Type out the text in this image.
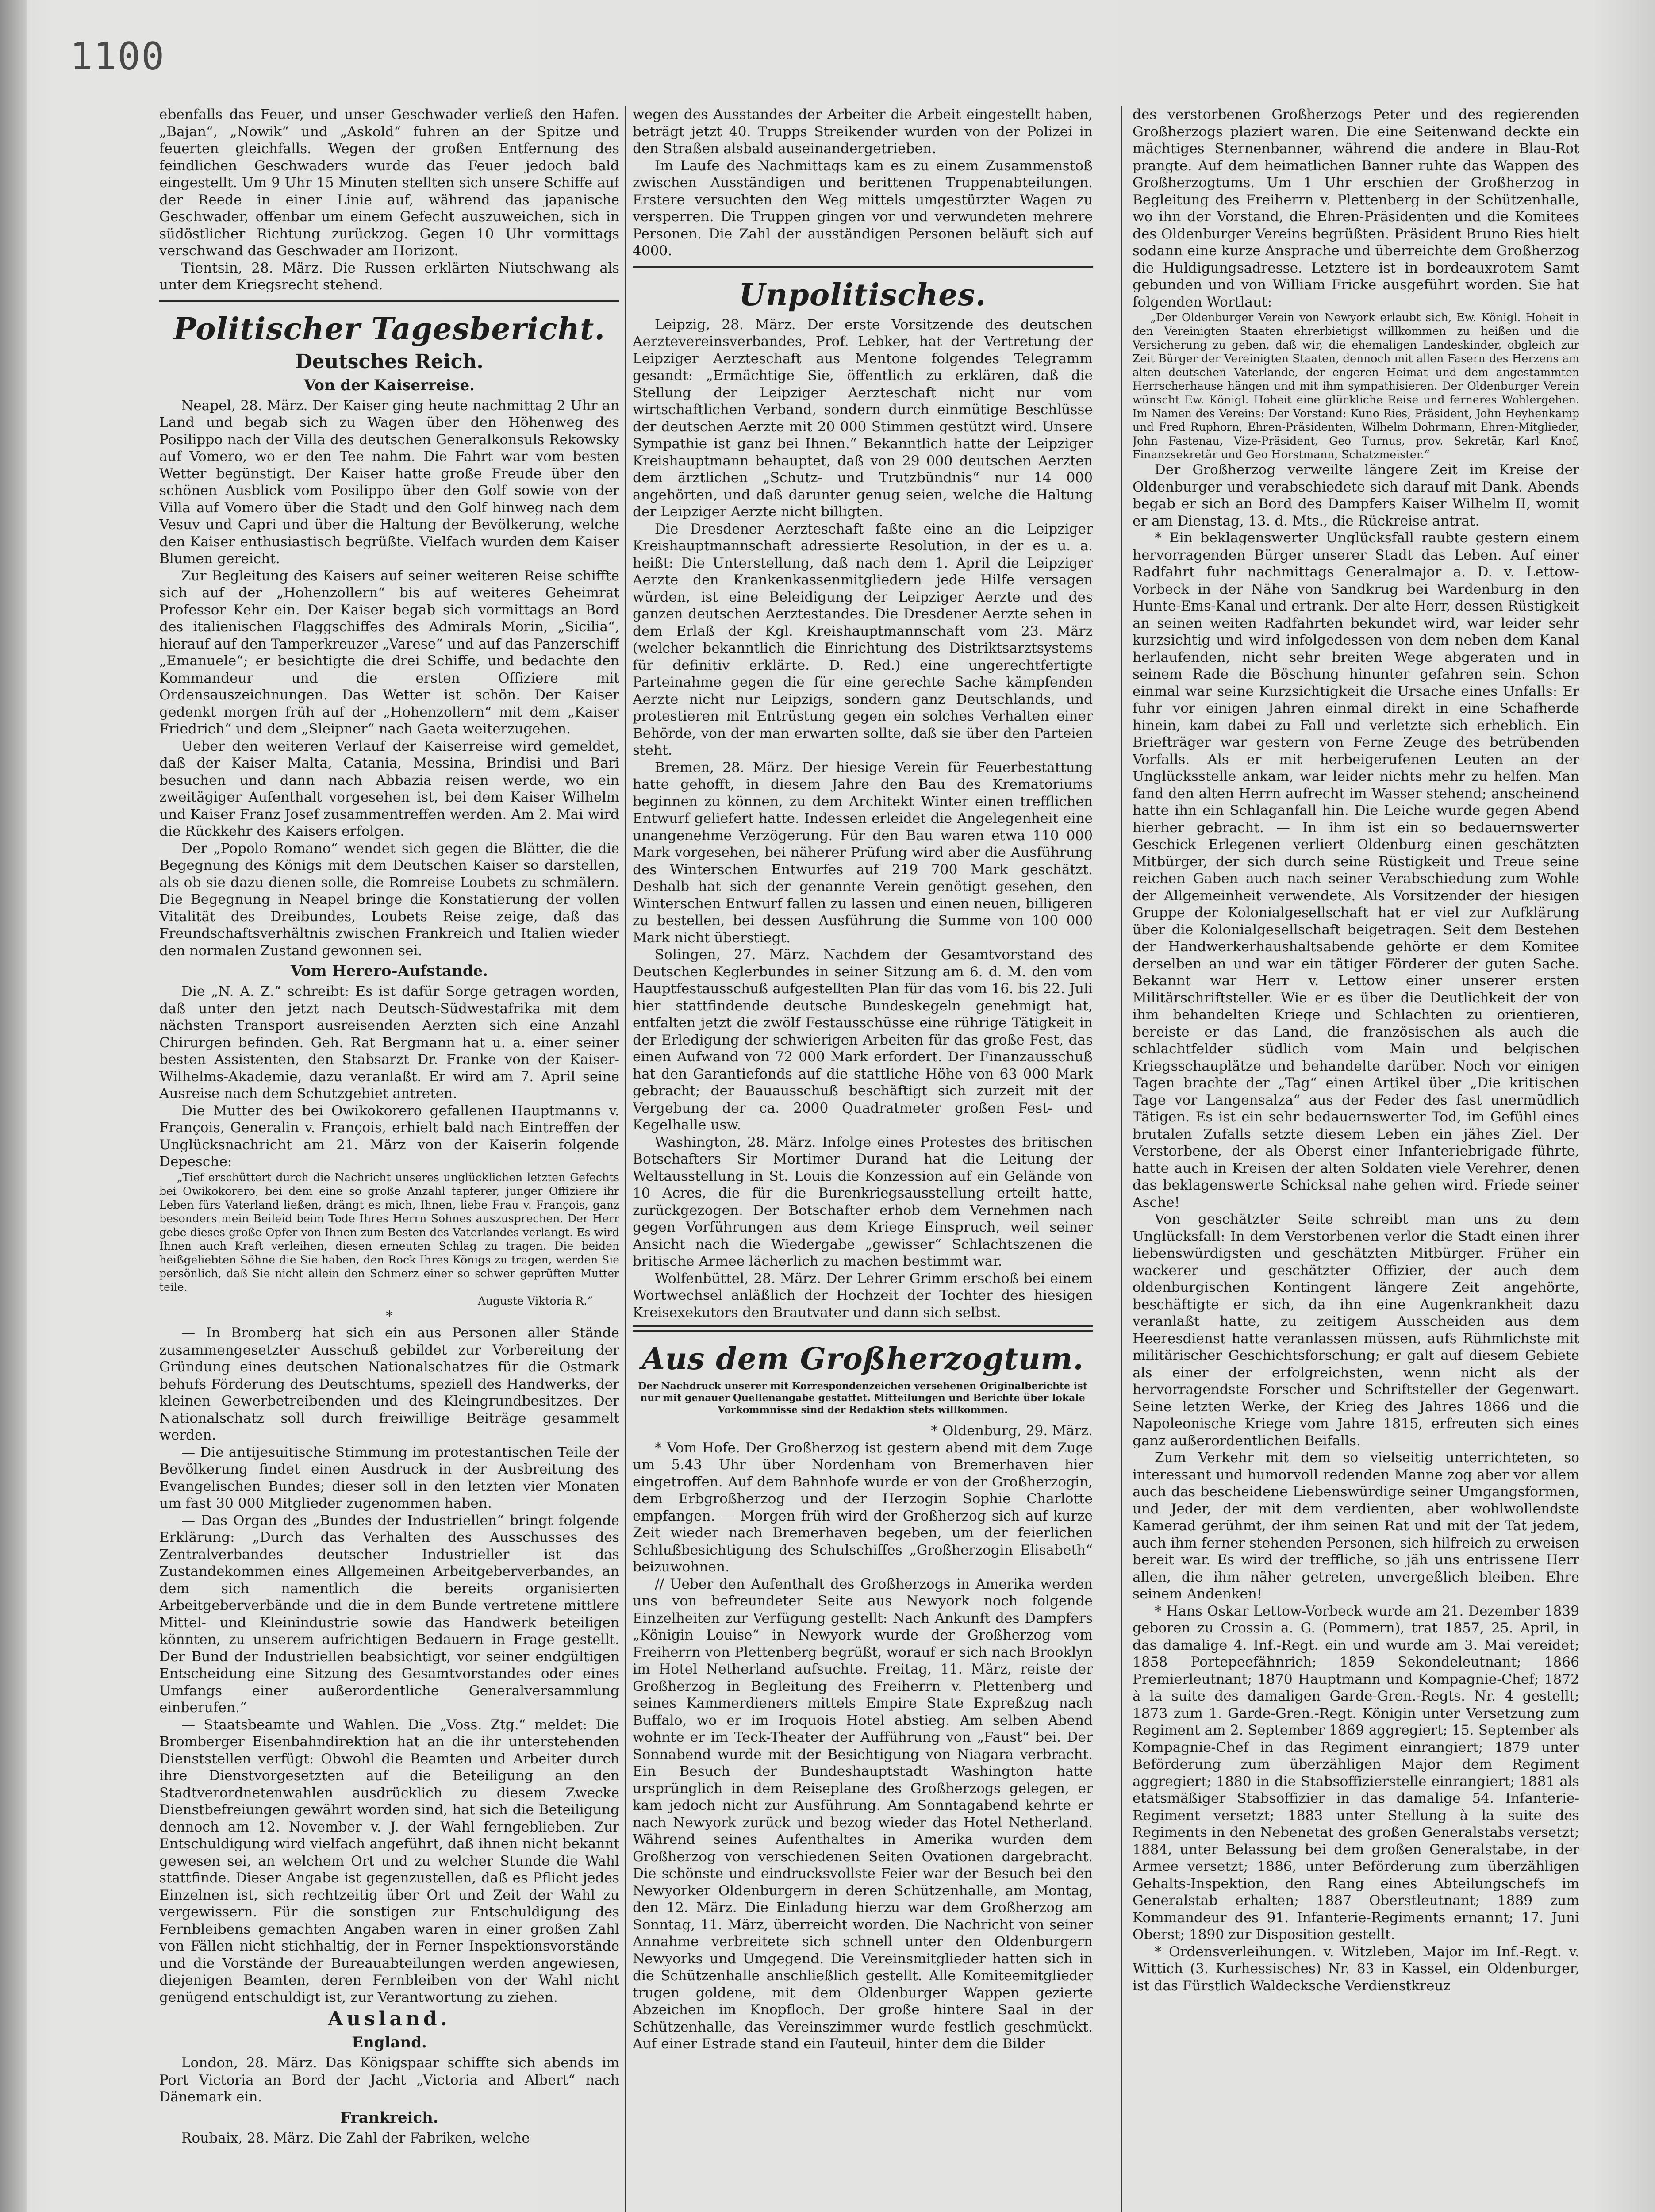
1100

ebenfalls das Feuer, und unser Geschwader verließ den Hafen. „Bajan“, „Nowik“ und „Askold“ fuhren an der Spitze und feuerten gleichfalls. Wegen der großen Entfernung des feindlichen Geschwaders wurde das Feuer jedoch bald eingestellt. Um 9 Uhr 15 Minuten stellten sich unsere Schiffe auf der Reede in einer Linie auf, während das japanische Geschwader, offenbar um einem Gefecht auszuweichen, sich in südöstlicher Richtung zurückzog. Gegen 10 Uhr vormittags verschwand das Geschwader am Horizont.

Tientsin, 28. März. Die Russen erklärten Niutschwang als unter dem Kriegsrecht stehend.

Politischer Tagesbericht.
Deutsches Reich.
Von der Kaiserreise.

Neapel, 28. März. Der Kaiser ging heute nachmittag 2 Uhr an Land und begab sich zu Wagen über den Höhenweg des Posilippo nach der Villa des deutschen Generalkonsuls Rekowsky auf Vomero, wo er den Tee nahm. Die Fahrt war vom besten Wetter begünstigt. Der Kaiser hatte große Freude über den schönen Ausblick vom Posilippo über den Golf sowie von der Villa auf Vomero über die Stadt und den Golf hinweg nach dem Vesuv und Capri und über die Haltung der Bevölkerung, welche den Kaiser enthusiastisch begrüßte. Vielfach wurden dem Kaiser Blumen gereicht.

Zur Begleitung des Kaisers auf seiner weiteren Reise schiffte sich auf der „Hohenzollern“ bis auf weiteres Geheimrat Professor Kehr ein. Der Kaiser begab sich vormittags an Bord des italienischen Flaggschiffes des Admirals Morin, „Sicilia“, hierauf auf den Tamperkreuzer „Varese“ und auf das Panzerschiff „Emanuele“; er besichtigte die drei Schiffe, und bedachte den Kommandeur und die ersten Offiziere mit Ordensauszeichnungen. Das Wetter ist schön. Der Kaiser gedenkt morgen früh auf der „Hohenzollern“ mit dem „Kaiser Friedrich“ und dem „Sleipner“ nach Gaeta weiterzugehen.

Ueber den weiteren Verlauf der Kaiserreise wird gemeldet, daß der Kaiser Malta, Catania, Messina, Brindisi und Bari besuchen und dann nach Abbazia reisen werde, wo ein zweitägiger Aufenthalt vorgesehen ist, bei dem Kaiser Wilhelm und Kaiser Franz Josef zusammentreffen werden. Am 2. Mai wird die Rückkehr des Kaisers erfolgen.

Der „Popolo Romano“ wendet sich gegen die Blätter, die die Begegnung des Königs mit dem Deutschen Kaiser so darstellen, als ob sie dazu dienen solle, die Romreise Loubets zu schmälern. Die Begegnung in Neapel bringe die Konstatierung der vollen Vitalität des Dreibundes, Loubets Reise zeige, daß das Freundschaftsverhältnis zwischen Frankreich und Italien wieder den normalen Zustand gewonnen sei.

Vom Herero-Aufstande.

Die „N. A. Z.“ schreibt: Es ist dafür Sorge getragen worden, daß unter den jetzt nach Deutsch-Südwestafrika mit dem nächsten Transport ausreisenden Aerzten sich eine Anzahl Chirurgen befinden. Geh. Rat Bergmann hat u. a. einer seiner besten Assistenten, den Stabsarzt Dr. Franke von der Kaiser-Wilhelms-Akademie, dazu veranlaßt. Er wird am 7. April seine Ausreise nach dem Schutzgebiet antreten.

Die Mutter des bei Owikokorero gefallenen Hauptmanns v. François, Generalin v. François, erhielt bald nach Eintreffen der Unglücksnachricht am 21. März von der Kaiserin folgende Depesche:

„Tief erschüttert durch die Nachricht unseres unglücklichen letzten Gefechts bei Owikokorero, bei dem eine so große Anzahl tapferer, junger Offiziere ihr Leben fürs Vaterland ließen, drängt es mich, Ihnen, liebe Frau v. François, ganz besonders mein Beileid beim Tode Ihres Herrn Sohnes auszusprechen. Der Herr gebe dieses große Opfer von Ihnen zum Besten des Vaterlandes verlangt. Es wird Ihnen auch Kraft verleihen, diesen erneuten Schlag zu tragen. Die beiden heißgeliebten Söhne die Sie haben, den Rock Ihres Königs zu tragen, werden Sie persönlich, daß Sie nicht allein den Schmerz einer so schwer geprüften Mutter teile.

Auguste Viktoria R.“
*

— In Bromberg hat sich ein aus Personen aller Stände zusammengesetzter Ausschuß gebildet zur Vorbereitung der Gründung eines deutschen Nationalschatzes für die Ostmark behufs Förderung des Deutschtums, speziell des Handwerks, der kleinen Gewerbetreibenden und des Kleingrundbesitzes. Der Nationalschatz soll durch freiwillige Beiträge gesammelt werden.

— Die antijesuitische Stimmung im protestantischen Teile der Bevölkerung findet einen Ausdruck in der Ausbreitung des Evangelischen Bundes; dieser soll in den letzten vier Monaten um fast 30 000 Mitglieder zugenommen haben.

— Das Organ des „Bundes der Industriellen“ bringt folgende Erklärung: „Durch das Verhalten des Ausschusses des Zentralverbandes deutscher Industrieller ist das Zustandekommen eines Allgemeinen Arbeitgeberverbandes, an dem sich namentlich die bereits organisierten Arbeitgeberverbände und die in dem Bunde vertretene mittlere Mittel- und Kleinindustrie sowie das Handwerk beteiligen könnten, zu unserem aufrichtigen Bedauern in Frage gestellt. Der Bund der Industriellen beabsichtigt, vor seiner endgültigen Entscheidung eine Sitzung des Gesamtvorstandes oder eines Umfangs einer außerordentliche Generalversammlung einberufen.“

— Staatsbeamte und Wahlen. Die „Voss. Ztg.“ meldet: Die Bromberger Eisenbahndirektion hat an die ihr unterstehenden Dienststellen verfügt: Obwohl die Beamten und Arbeiter durch ihre Dienstvorgesetzten auf die Beteiligung an den Stadtverordnetenwahlen ausdrücklich zu diesem Zwecke Dienstbefreiungen gewährt worden sind, hat sich die Beteiligung dennoch am 12. November v. J. der Wahl ferngeblieben. Zur Entschuldigung wird vielfach angeführt, daß ihnen nicht bekannt gewesen sei, an welchem Ort und zu welcher Stunde die Wahl stattfinde. Dieser Angabe ist gegenzustellen, daß es Pflicht jedes Einzelnen ist, sich rechtzeitig über Ort und Zeit der Wahl zu vergewissern. Für die sonstigen zur Entschuldigung des Fernbleibens gemachten Angaben waren in einer großen Zahl von Fällen nicht stichhaltig, der in Ferner Inspektionsvorstände und die Vorstände der Bureauabteilungen werden angewiesen, diejenigen Beamten, deren Fernbleiben von der Wahl nicht genügend entschuldigt ist, zur Verantwortung zu ziehen.

Ausland.
England.

London, 28. März. Das Königspaar schiffte sich abends im Port Victoria an Bord der Jacht „Victoria and Albert“ nach Dänemark ein.

Frankreich.

Roubaix, 28. März. Die Zahl der Fabriken, welche

wegen des Ausstandes der Arbeiter die Arbeit eingestellt haben, beträgt jetzt 40. Trupps Streikender wurden von der Polizei in den Straßen alsbald auseinandergetrieben.

Im Laufe des Nachmittags kam es zu einem Zusammenstoß zwischen Ausständigen und berittenen Truppenabteilungen. Erstere versuchten den Weg mittels umgestürzter Wagen zu versperren. Die Truppen gingen vor und verwundeten mehrere Personen. Die Zahl der ausständigen Personen beläuft sich auf 4000.

Unpolitisches.

Leipzig, 28. März. Der erste Vorsitzende des deutschen Aerztevereinsverbandes, Prof. Lebker, hat der Vertretung der Leipziger Aerzteschaft aus Mentone folgendes Telegramm gesandt: „Ermächtige Sie, öffentlich zu erklären, daß die Stellung der Leipziger Aerzteschaft nicht nur vom wirtschaftlichen Verband, sondern durch einmütige Beschlüsse der deutschen Aerzte mit 20 000 Stimmen gestützt wird. Unsere Sympathie ist ganz bei Ihnen.“ Bekanntlich hatte der Leipziger Kreishauptmann behauptet, daß von 29 000 deutschen Aerzten dem ärztlichen „Schutz- und Trutzbündnis“ nur 14 000 angehörten, und daß darunter genug seien, welche die Haltung der Leipziger Aerzte nicht billigten.

Die Dresdener Aerzteschaft faßte eine an die Leipziger Kreishauptmannschaft adressierte Resolution, in der es u. a. heißt: Die Unterstellung, daß nach dem 1. April die Leipziger Aerzte den Krankenkassenmitgliedern jede Hilfe versagen würden, ist eine Beleidigung der Leipziger Aerzte und des ganzen deutschen Aerztestandes. Die Dresdener Aerzte sehen in dem Erlaß der Kgl. Kreishauptmannschaft vom 23. März (welcher bekanntlich die Einrichtung des Distriktsarztsystems für definitiv erklärte. D. Red.) eine ungerechtfertigte Parteinahme gegen die für eine gerechte Sache kämpfenden Aerzte nicht nur Leipzigs, sondern ganz Deutschlands, und protestieren mit Entrüstung gegen ein solches Verhalten einer Behörde, von der man erwarten sollte, daß sie über den Parteien steht.

Bremen, 28. März. Der hiesige Verein für Feuerbestattung hatte gehofft, in diesem Jahre den Bau des Krematoriums beginnen zu können, zu dem Architekt Winter einen trefflichen Entwurf geliefert hatte. Indessen erleidet die Angelegenheit eine unangenehme Verzögerung. Für den Bau waren etwa 110 000 Mark vorgesehen, bei näherer Prüfung wird aber die Ausführung des Winterschen Entwurfes auf 219 700 Mark geschätzt. Deshalb hat sich der genannte Verein genötigt gesehen, den Winterschen Entwurf fallen zu lassen und einen neuen, billigeren zu bestellen, bei dessen Ausführung die Summe von 100 000 Mark nicht überstiegt.

Solingen, 27. März. Nachdem der Gesamtvorstand des Deutschen Keglerbundes in seiner Sitzung am 6. d. M. den vom Hauptfestausschuß aufgestellten Plan für das vom 16. bis 22. Juli hier stattfindende deutsche Bundeskegeln genehmigt hat, entfalten jetzt die zwölf Festausschüsse eine rührige Tätigkeit in der Erledigung der schwierigen Arbeiten für das große Fest, das einen Aufwand von 72 000 Mark erfordert. Der Finanzausschuß hat den Garantiefonds auf die stattliche Höhe von 63 000 Mark gebracht; der Bauausschuß beschäftigt sich zurzeit mit der Vergebung der ca. 2000 Quadratmeter großen Fest- und Kegelhalle usw.

Washington, 28. März. Infolge eines Protestes des britischen Botschafters Sir Mortimer Durand hat die Leitung der Weltausstellung in St. Louis die Konzession auf ein Gelände von 10 Acres, die für die Burenkriegsausstellung erteilt hatte, zurückgezogen. Der Botschafter erhob dem Vernehmen nach gegen Vorführungen aus dem Kriege Einspruch, weil seiner Ansicht nach die Wiedergabe „gewisser“ Schlachtszenen die britische Armee lächerlich zu machen bestimmt war.

Wolfenbüttel, 28. März. Der Lehrer Grimm erschoß bei einem Wortwechsel anläßlich der Hochzeit der Tochter des hiesigen Kreisexekutors den Brautvater und dann sich selbst.

Aus dem Großherzogtum.
Der Nachdruck unserer mit Korrespondenzeichen versehenen Originalberichte ist nur mit genauer Quellenangabe gestattet. Mitteilungen und Berichte über lokale Vorkommnisse sind der Redaktion stets willkommen.
* Oldenburg, 29. März.

* Vom Hofe. Der Großherzog ist gestern abend mit dem Zuge um 5.43 Uhr über Nordenham von Bremerhaven hier eingetroffen. Auf dem Bahnhofe wurde er von der Großherzogin, dem Erbgroßherzog und der Herzogin Sophie Charlotte empfangen. — Morgen früh wird der Großherzog sich auf kurze Zeit wieder nach Bremerhaven begeben, um der feierlichen Schlußbesichtigung des Schulschiffes „Großherzogin Elisabeth“ beizuwohnen.

// Ueber den Aufenthalt des Großherzogs in Amerika werden uns von befreundeter Seite aus Newyork noch folgende Einzelheiten zur Verfügung gestellt: Nach Ankunft des Dampfers „Königin Louise“ in Newyork wurde der Großherzog vom Freiherrn von Plettenberg begrüßt, worauf er sich nach Brooklyn im Hotel Netherland aufsuchte. Freitag, 11. März, reiste der Großherzog in Begleitung des Freiherrn v. Plettenberg und seines Kammerdieners mittels Empire State Expreßzug nach Buffalo, wo er im Iroquois Hotel abstieg. Am selben Abend wohnte er im Teck-Theater der Aufführung von „Faust“ bei. Der Sonnabend wurde mit der Besichtigung von Niagara verbracht. Ein Besuch der Bundeshauptstadt Washington hatte ursprünglich in dem Reiseplane des Großherzogs gelegen, er kam jedoch nicht zur Ausführung. Am Sonntagabend kehrte er nach Newyork zurück und bezog wieder das Hotel Netherland. Während seines Aufenthaltes in Amerika wurden dem Großherzog von verschiedenen Seiten Ovationen dargebracht. Die schönste und eindrucksvollste Feier war der Besuch bei den Newyorker Oldenburgern in deren Schützenhalle, am Montag, den 12. März. Die Einladung hierzu war dem Großherzog am Sonntag, 11. März, überreicht worden. Die Nachricht von seiner Annahme verbreitete sich schnell unter den Oldenburgern Newyorks und Umgegend. Die Vereinsmitglieder hatten sich in die Schützenhalle anschließlich gestellt. Alle Komiteemitglieder trugen goldene, mit dem Oldenburger Wappen gezierte Abzeichen im Knopfloch. Der große hintere Saal in der Schützenhalle, das Vereinszimmer wurde festlich geschmückt. Auf einer Estrade stand ein Fauteuil, hinter dem die Bilder

des verstorbenen Großherzogs Peter und des regierenden Großherzogs plaziert waren. Die eine Seitenwand deckte ein mächtiges Sternenbanner, während die andere in Blau-Rot prangte. Auf dem heimatlichen Banner ruhte das Wappen des Großherzogtums. Um 1 Uhr erschien der Großherzog in Begleitung des Freiherrn v. Plettenberg in der Schützenhalle, wo ihn der Vorstand, die Ehren-Präsidenten und die Komitees des Oldenburger Vereins begrüßten. Präsident Bruno Ries hielt sodann eine kurze Ansprache und überreichte dem Großherzog die Huldigungsadresse. Letztere ist in bordeauxrotem Samt gebunden und von William Fricke ausgeführt worden. Sie hat folgenden Wortlaut:

„Der Oldenburger Verein von Newyork erlaubt sich, Ew. Königl. Hoheit in den Vereinigten Staaten ehrerbietigst willkommen zu heißen und die Versicherung zu geben, daß wir, die ehemaligen Landeskinder, obgleich zur Zeit Bürger der Vereinigten Staaten, dennoch mit allen Fasern des Herzens am alten deutschen Vaterlande, der engeren Heimat und dem angestammten Herrscherhause hängen und mit ihm sympathisieren. Der Oldenburger Verein wünscht Ew. Königl. Hoheit eine glückliche Reise und ferneres Wohlergehen. Im Namen des Vereins: Der Vorstand: Kuno Ries, Präsident, John Heyhenkamp und Fred Ruphorn, Ehren-Präsidenten, Wilhelm Dohrmann, Ehren-Mitglieder, John Fastenau, Vize-Präsident, Geo Turnus, prov. Sekretär, Karl Knof, Finanzsekretär und Geo Horstmann, Schatzmeister.“

Der Großherzog verweilte längere Zeit im Kreise der Oldenburger und verabschiedete sich darauf mit Dank. Abends begab er sich an Bord des Dampfers Kaiser Wilhelm II, womit er am Dienstag, 13. d. Mts., die Rückreise antrat.

* Ein beklagenswerter Unglücksfall raubte gestern einem hervorragenden Bürger unserer Stadt das Leben. Auf einer Radfahrt fuhr nachmittags Generalmajor a. D. v. Lettow-Vorbeck in der Nähe von Sandkrug bei Wardenburg in den Hunte-Ems-Kanal und ertrank. Der alte Herr, dessen Rüstigkeit an seinen weiten Radfahrten bekundet wird, war leider sehr kurzsichtig und wird infolgedessen von dem neben dem Kanal herlaufenden, nicht sehr breiten Wege abgeraten und in seinem Rade die Böschung hinunter gefahren sein. Schon einmal war seine Kurzsichtigkeit die Ursache eines Unfalls: Er fuhr vor einigen Jahren einmal direkt in eine Schafherde hinein, kam dabei zu Fall und verletzte sich erheblich. Ein Briefträger war gestern von Ferne Zeuge des betrübenden Vorfalls. Als er mit herbeigerufenen Leuten an der Unglücksstelle ankam, war leider nichts mehr zu helfen. Man fand den alten Herrn aufrecht im Wasser stehend; anscheinend hatte ihn ein Schlaganfall hin. Die Leiche wurde gegen Abend hierher gebracht. — In ihm ist ein so bedauernswerter Geschick Erlegenen verliert Oldenburg einen geschätzten Mitbürger, der sich durch seine Rüstigkeit und Treue seine reichen Gaben auch nach seiner Verabschiedung zum Wohle der Allgemeinheit verwendete. Als Vorsitzender der hiesigen Gruppe der Kolonialgesellschaft hat er viel zur Aufklärung über die Kolonialgesellschaft beigetragen. Seit dem Bestehen der Handwerkerhaushaltsabende gehörte er dem Komitee derselben an und war ein tätiger Förderer der guten Sache. Bekannt war Herr v. Lettow einer unserer ersten Militärschriftsteller. Wie er es über die Deutlichkeit der von ihm behandelten Kriege und Schlachten zu orientieren, bereiste er das Land, die französischen als auch die schlachtfelder südlich vom Main und belgischen Kriegsschauplätze und behandelte darüber. Noch vor einigen Tagen brachte der „Tag“ einen Artikel über „Die kritischen Tage vor Langensalza“ aus der Feder des fast unermüdlich Tätigen. Es ist ein sehr bedauernswerter Tod, im Gefühl eines brutalen Zufalls setzte diesem Leben ein jähes Ziel. Der Verstorbene, der als Oberst einer Infanteriebrigade führte, hatte auch in Kreisen der alten Soldaten viele Verehrer, denen das beklagenswerte Schicksal nahe gehen wird. Friede seiner Asche!

Von geschätzter Seite schreibt man uns zu dem Unglücksfall: In dem Verstorbenen verlor die Stadt einen ihrer liebenswürdigsten und geschätzten Mitbürger. Früher ein wackerer und geschätzter Offizier, der auch dem oldenburgischen Kontingent längere Zeit angehörte, beschäftigte er sich, da ihn eine Augenkrankheit dazu veranlaßt hatte, zu zeitigem Ausscheiden aus dem Heeresdienst hatte veranlassen müssen, aufs Rühmlichste mit militärischer Geschichtsforschung; er galt auf diesem Gebiete als einer der erfolgreichsten, wenn nicht als der hervorragendste Forscher und Schriftsteller der Gegenwart. Seine letzten Werke, der Krieg des Jahres 1866 und die Napoleonische Kriege vom Jahre 1815, erfreuten sich eines ganz außerordentlichen Beifalls.

Zum Verkehr mit dem so vielseitig unterrichteten, so interessant und humorvoll redenden Manne zog aber vor allem auch das bescheidene Liebenswürdige seiner Umgangsformen, und Jeder, der mit dem verdienten, aber wohlwollendste Kamerad gerühmt, der ihm seinen Rat und mit der Tat jedem, auch ihm ferner stehenden Personen, sich hilfreich zu erweisen bereit war. Es wird der treffliche, so jäh uns entrissene Herr allen, die ihm näher getreten, unvergeßlich bleiben. Ehre seinem Andenken!

* Hans Oskar Lettow-Vorbeck wurde am 21. Dezember 1839 geboren zu Crossin a. G. (Pommern), trat 1857, 25. April, in das damalige 4. Inf.-Regt. ein und wurde am 3. Mai vereidet; 1858 Portepeefähnrich; 1859 Sekondeleutnant; 1866 Premierleutnant; 1870 Hauptmann und Kompagnie-Chef; 1872 à la suite des damaligen Garde-Gren.-Regts. Nr. 4 gestellt; 1873 zum 1. Garde-Gren.-Regt. Königin unter Versetzung zum Regiment am 2. September 1869 aggregiert; 15. September als Kompagnie-Chef in das Regiment einrangiert; 1879 unter Beförderung zum überzähligen Major dem Regiment aggregiert; 1880 in die Stabsoffizierstelle einrangiert; 1881 als etatsmäßiger Stabsoffizier in das damalige 54. Infanterie-Regiment versetzt; 1883 unter Stellung à la suite des Regiments in den Nebenetat des großen Generalstabs versetzt; 1884, unter Belassung bei dem großen Generalstabe, in der Armee versetzt; 1886, unter Beförderung zum überzähligen Gehalts-Inspektion, den Rang eines Abteilungschefs im Generalstab erhalten; 1887 Oberstleutnant; 1889 zum Kommandeur des 91. Infanterie-Regiments ernannt; 17. Juni Oberst; 1890 zur Disposition gestellt.

* Ordensverleihungen. v. Witzleben, Major im Inf.-Regt. v. Wittich (3. Kurhessisches) Nr. 83 in Kassel, ein Oldenburger, ist das Fürstlich Waldecksche Verdienstkreuz
